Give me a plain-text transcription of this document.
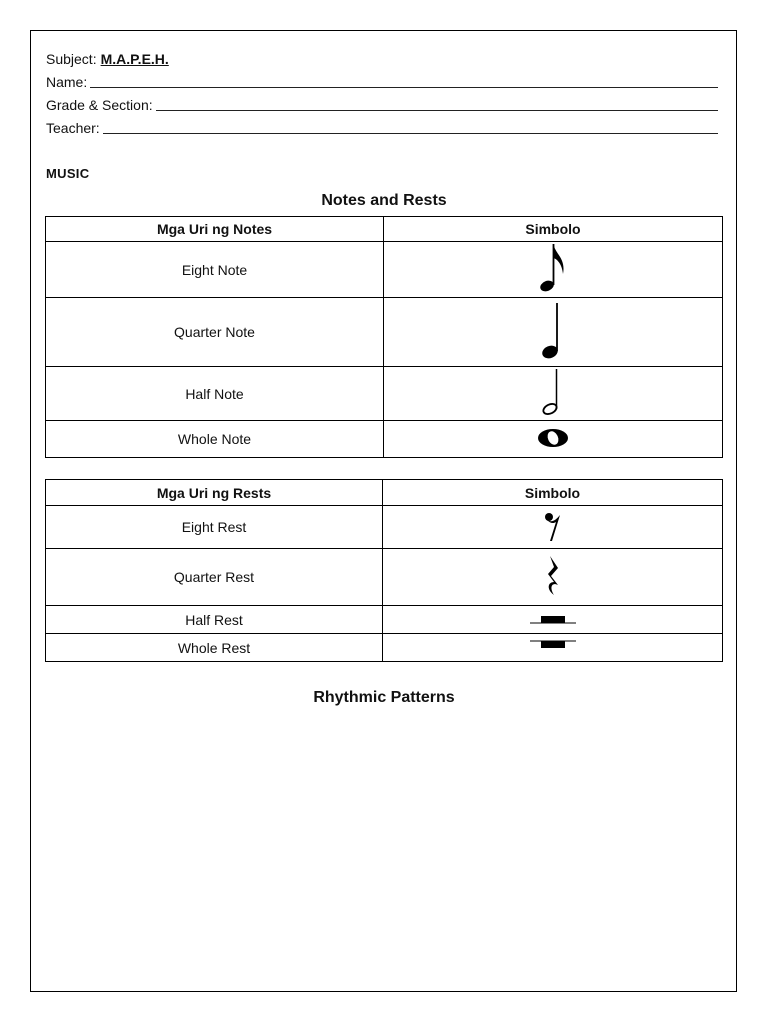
Subject: M.A.P.E.H.
Name:
Grade & Section:
Teacher:
MUSIC
Notes and Rests
Mga Uri ng Notes	Simbolo
Eight Note	

Quarter Note	

Half Note	

Whole Note	
Mga Uri ng Rests	Simbolo
Eight Rest	

Quarter Rest	

Half Rest	

Whole Rest	
Rhythmic Patterns
